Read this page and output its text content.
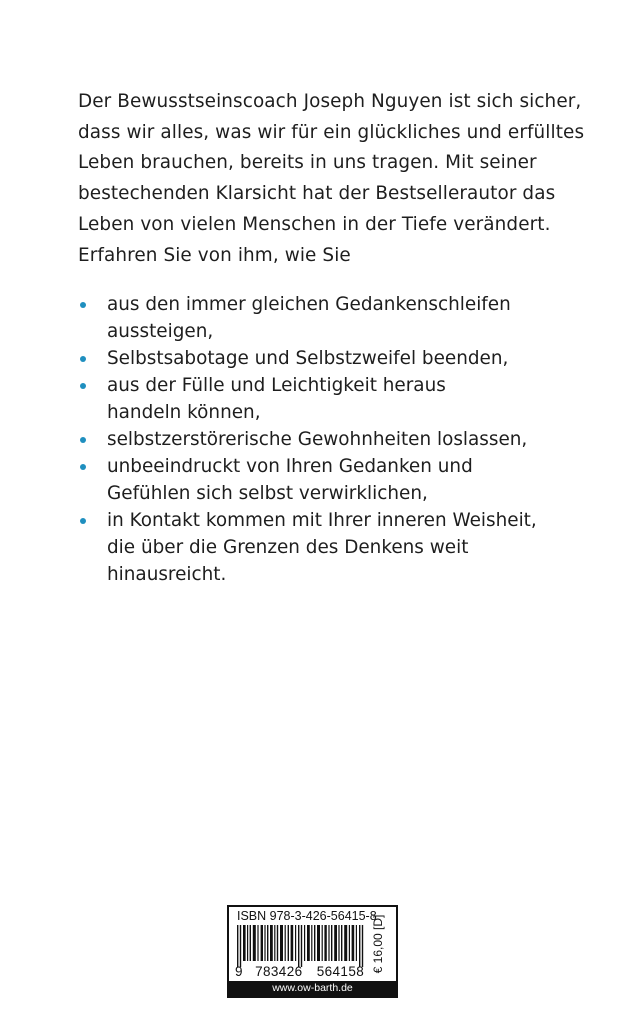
Der Bewusstseinscoach Joseph Nguyen ist sich sicher,
dass wir alles, was wir für ein glückliches und erfülltes
Leben brauchen, bereits in uns tragen. Mit seiner
bestechenden Klarsicht hat der Bestsellerautor das
Leben von vielen Menschen in der Tiefe verändert.
Erfahren Sie von ihm, wie Sie
aus den immer gleichen Gedankenschleifen
aussteigen,
Selbstsabotage und Selbstzweifel beenden,
aus der Fülle und Leichtigkeit heraus
handeln können,
selbstzerstörerische Gewohnheiten loslassen,
unbeeindruckt von Ihren Gedanken und
Gefühlen sich selbst verwirklichen,
in Kontakt kommen mit Ihrer inneren Weisheit,
die über die Grenzen des Denkens weit
hinausreicht.
ISBN 978-3-426-56415-8
9 783426 564158 € 16,00 [D]
www.ow-barth.de
